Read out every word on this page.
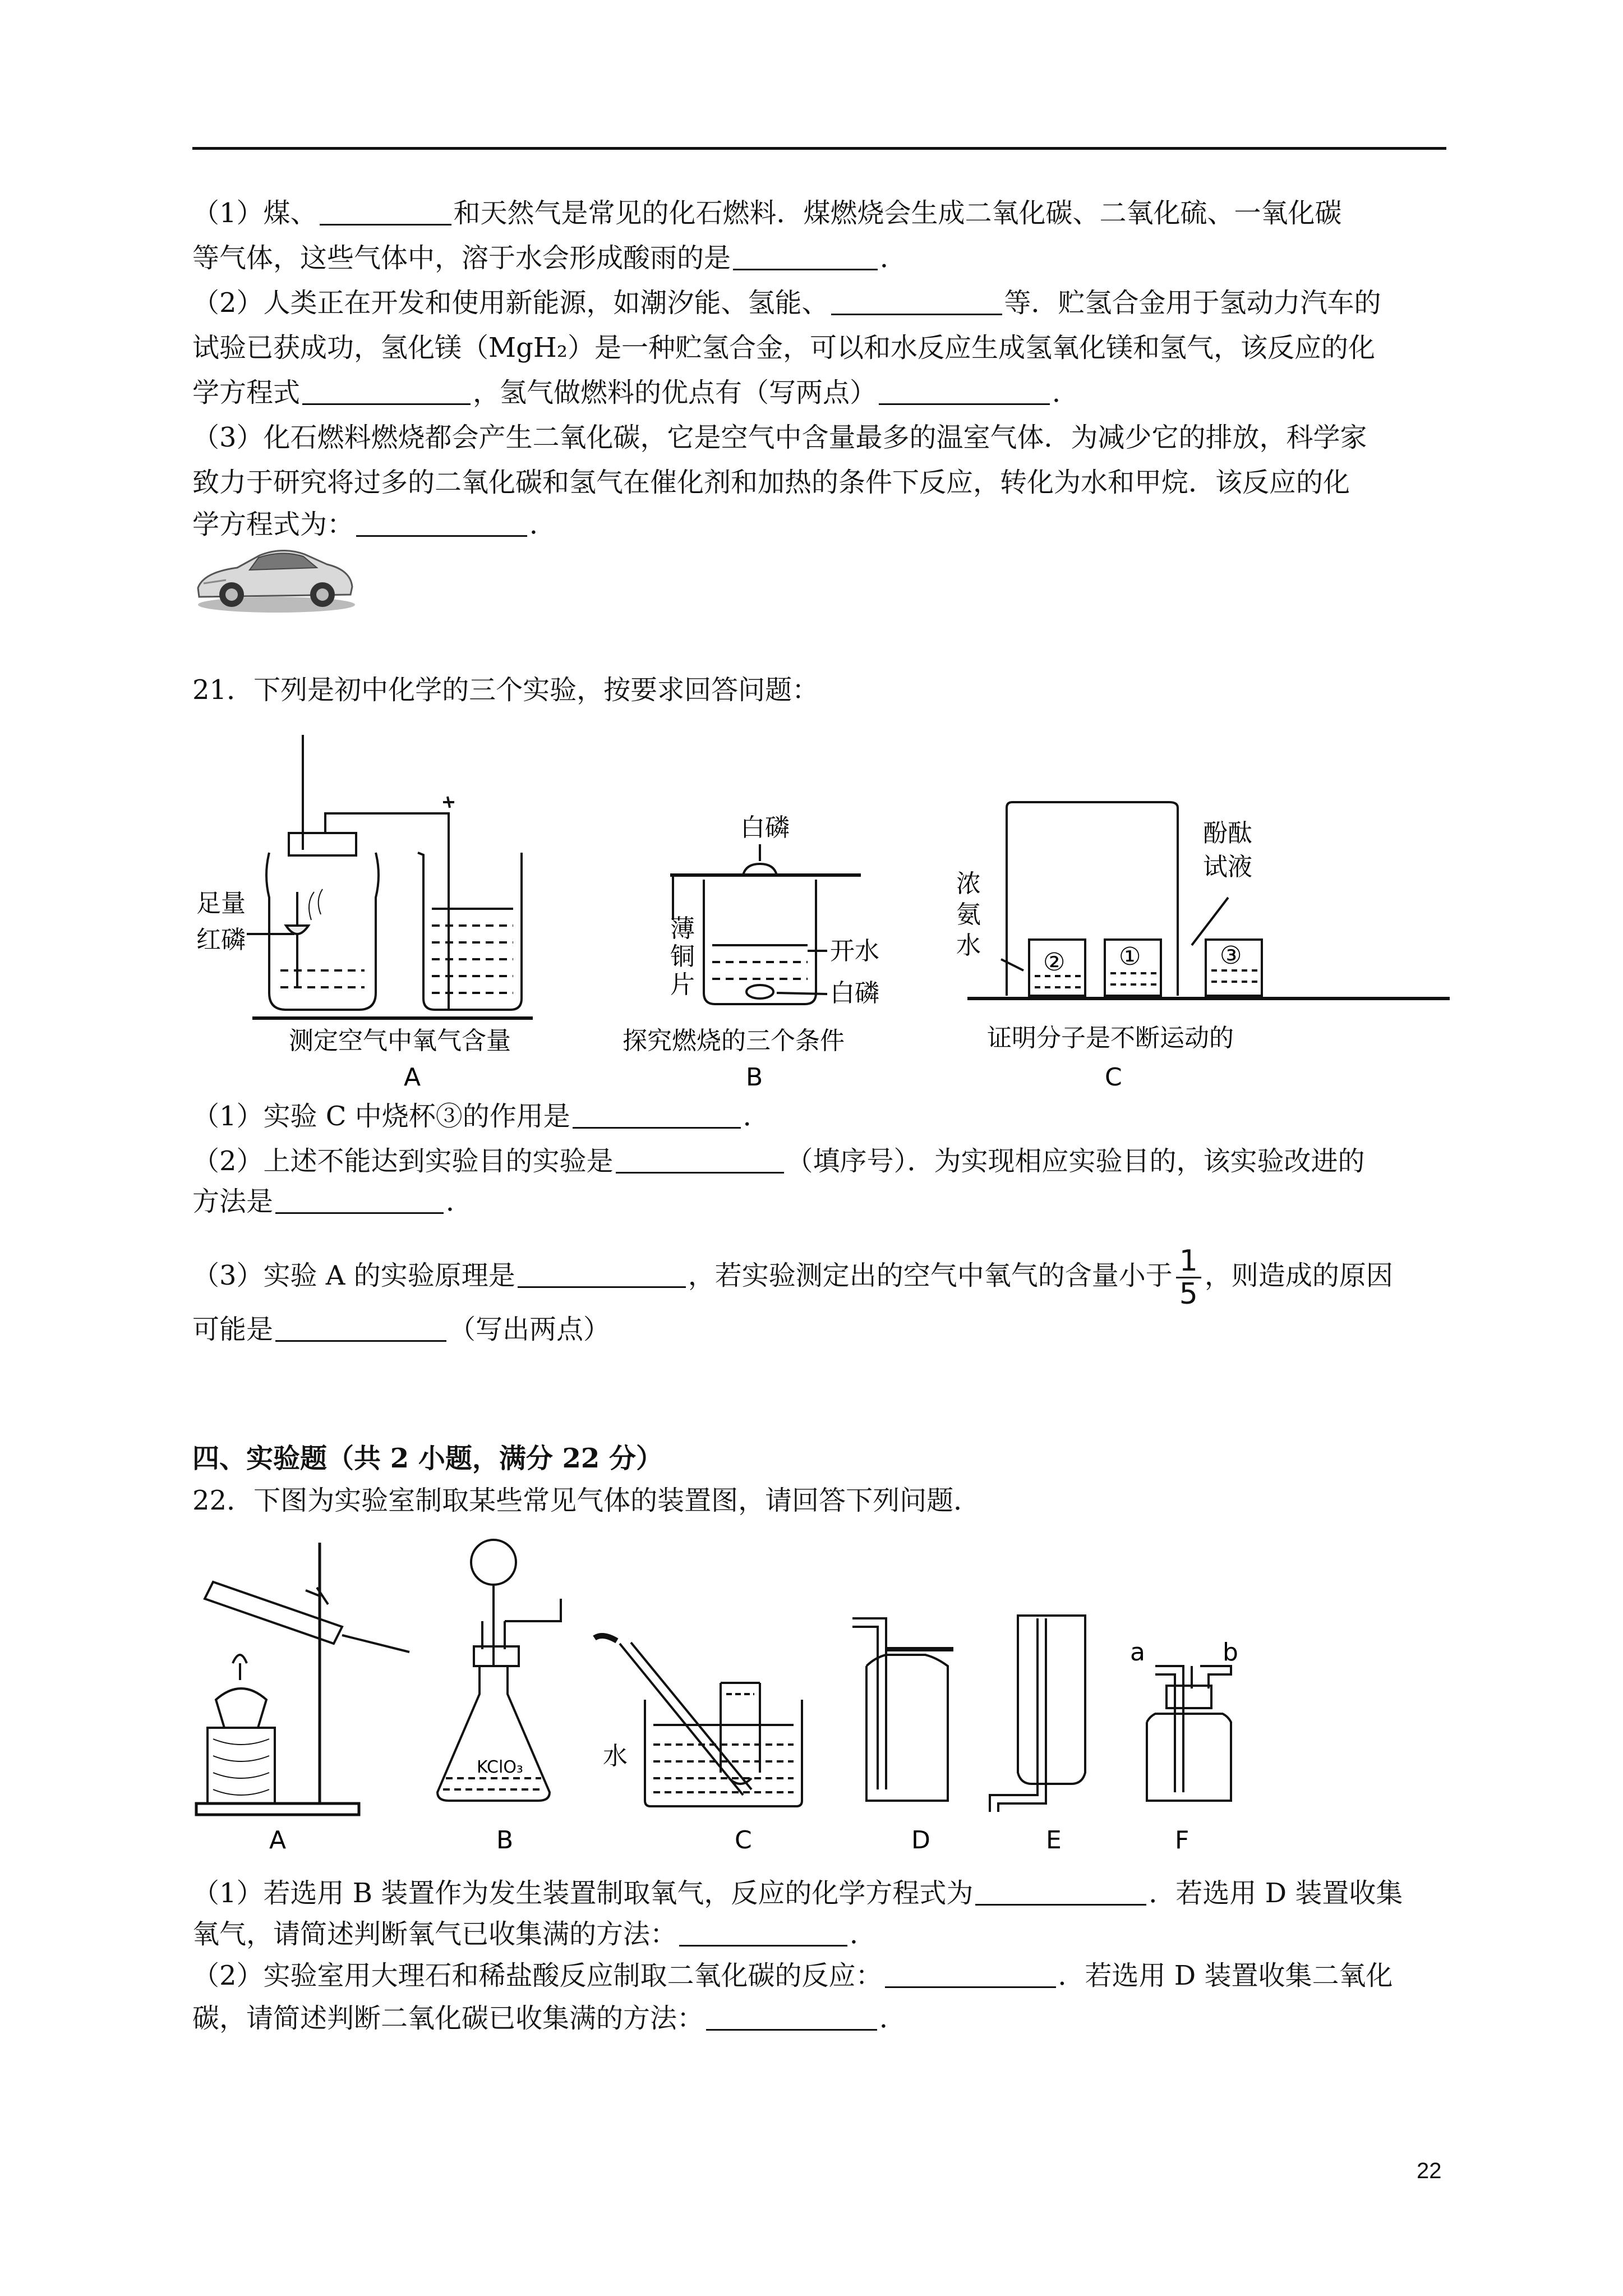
（1）煤、	和天然气是常见的化石燃料．煤燃烧会生成二氧化碳、二氧化硫、一氧化碳
等气体，这些气体中，溶于水会形成酸雨的是	．
（2）人类正在开发和使用新能源，如潮汐能、氢能、	等．贮氢合金用于氢动力汽车的
试验已获成功，氢化镁（MgH₂）是一种贮氢合金，可以和水反应生成氢氧化镁和氢气，该反应的化
学方程式	，氢气做燃料的优点有（写两点）	．
（3）化石燃料燃烧都会产生二氧化碳，它是空气中含量最多的温室气体．为减少它的排放，科学家
致力于研究将过多的二氧化碳和氢气在催化剂和加热的条件下反应，转化为水和甲烷．该反应的化
学方程式为：	．
21．下列是初中化学的三个实验，按要求回答问题：
足量
红磷
测定空气中氧气含量
A
白磷
薄
铜
片
开水
白磷
探究燃烧的三个条件
B
浓
氨
水
酚酞
试液
② ①	③
证明分子是不断运动的
C
（1）实验 C 中烧杯③的作用是	．
（2）上述不能达到实验目的实验是	（填序号）．为实现相应实验目的，该实验改进的
方法是	．
（3）实验 A 的实验原理是	，若实验测定出的空气中氧气的含量小于 $\frac{1}{5}$ ，则造成的原因
可能是	（写出两点）
四、实验题（共 2 小题，满分 22 分）
22．下图为实验室制取某些常见气体的装置图，请回答下列问题．
KClO₃	水
a	b
A	B	C	D	E	F
（1）若选用 B 装置作为发生装置制取氧气，反应的化学方程式为	．若选用 D 装置收集
氧气，请简述判断氧气已收集满的方法：	．
（2）实验室用大理石和稀盐酸反应制取二氧化碳的反应：	．若选用 D 装置收集二氧化
碳，请简述判断二氧化碳已收集满的方法：	．
22
